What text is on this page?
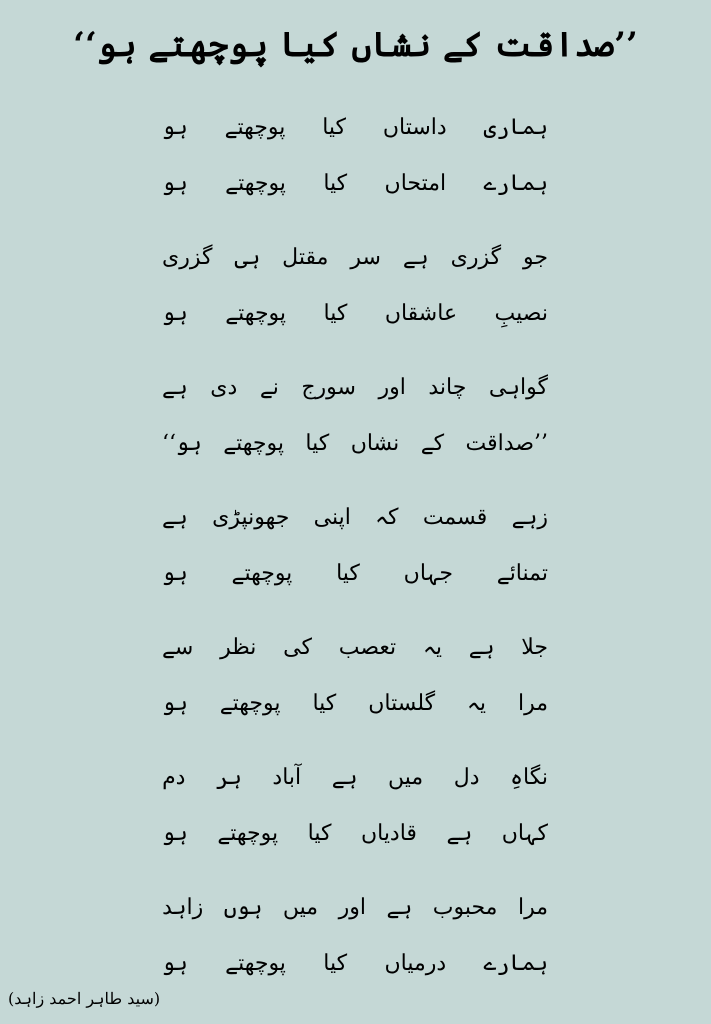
’’صداقت کے نشاں کیا پوچھتے ہو‘‘
ہماری
داستاں
کیا
پوچھتے
ہو
ہمارے
امتحاں
کیا
پوچھتے
ہو
جو
گزری
ہے
سر
مقتل
ہی
گزری
نصیبِ
عاشقاں
کیا
پوچھتے
ہو
گواہی
چاند
اور
سورج
نے
دی
ہے
’’صداقت
کے
نشاں
کیا
پوچھتے
ہو‘‘
زہے
قسمت
کہ
اپنی
جھونپڑی
ہے
تمنائے
جہاں
کیا
پوچھتے
ہو
جلا
ہے
یہ
تعصب
کی
نظر
سے
مرا
یہ
گلستاں
کیا
پوچھتے
ہو
نگاہِ
دل
میں
ہے
آباد
ہر
دم
کہاں
ہے
قادیاں
کیا
پوچھتے
ہو
مرا
محبوب
ہے
اور
میں
ہوں
زاہد
ہمارے
درمیاں
کیا
پوچھتے
ہو
(سید طاہر احمد زاہد)
